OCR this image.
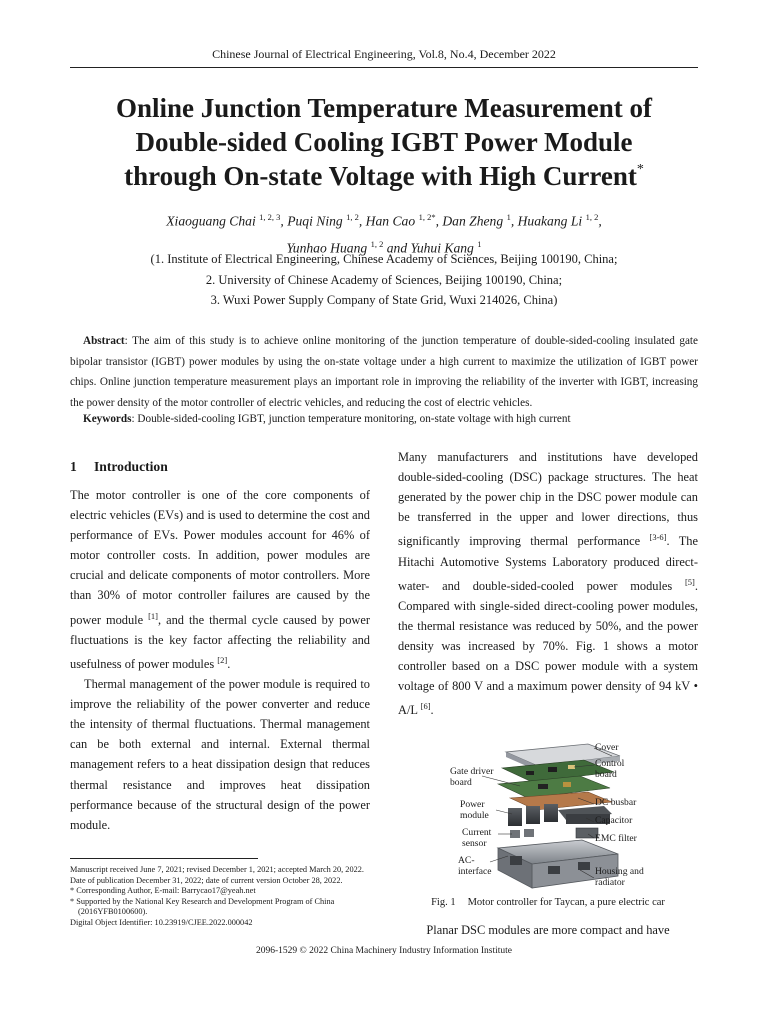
Chinese Journal of Electrical Engineering, Vol.8, No.4, December 2022
Online Junction Temperature Measurement of
Double-sided Cooling IGBT Power Module
through On-state Voltage with High Current*
Xiaoguang Chai $^{1, 2, 3}$, Puqi Ning $^{1, 2}$, Han Cao $^{1, 2*}$, Dan Zheng $^1$, Huakang Li $^{1, 2}$,
Yunhao Huang $^{1, 2}$ and Yuhui Kang $^1$
(1. Institute of Electrical Engineering, Chinese Academy of Sciences, Beijing 100190, China;
2. University of Chinese Academy of Sciences, Beijing 100190, China;
3. Wuxi Power Supply Company of State Grid, Wuxi 214026, China)
Abstract: The aim of this study is to achieve online monitoring of the junction temperature of double-sided-cooling insulated gate bipolar transistor (IGBT) power modules by using the on-state voltage under a high current to maximize the utilization of IGBT power chips. Online junction temperature measurement plays an important role in improving the reliability of the inverter with IGBT, increasing the power density of the motor controller of electric vehicles, and reducing the cost of electric vehicles.
Keywords: Double-sided-cooling IGBT, junction temperature monitoring, on-state voltage with high current
1 Introduction

The motor controller is one of the core components of electric vehicles (EVs) and is used to determine the cost and performance of EVs. Power modules account for 46% of motor controller costs. In addition, power modules are crucial and delicate components of motor controllers. More than 30% of motor controller failures are caused by the power module [1], and the thermal cycle caused by power fluctuations is the key factor affecting the reliability and usefulness of power modules [2].

Thermal management of the power module is required to improve the reliability of the power converter and reduce the intensity of thermal fluctuations. Thermal management can be both external and internal. External thermal management refers to a heat dissipation design that reduces thermal resistance and improves heat dissipation performance because of the structural design of the power module.

Many manufacturers and institutions have developed double-sided-cooling (DSC) package structures. The heat generated by the power chip in the DSC power module can be transferred in the upper and lower directions, thus significantly improving thermal performance [3-6]. The Hitachi Automotive Systems Laboratory produced direct-water- and double-sided-cooled power modules [5]. Compared with single-sided direct-cooling power modules, the thermal resistance was reduced by 50%, and the power density was increased by 70%. Fig. 1 shows a motor controller based on a DSC power module with a system voltage of 800 V and a maximum power density of 94 kV • A/L [6].

Cover
Control board
Gate driver board
DC busbar
Power module	Capacitor
Current sensor	EMC filter
AC-interface	Housing and radiator
Fig. 1 Motor controller for Taycan, a pure electric car
Planar DSC modules are more compact and have
Manuscript received June 7, 2021; revised December 1, 2021; accepted March 20, 2022. Date of publication December 31, 2022; date of current version October 28, 2022.
* Corresponding Author, E-mail: Barrycao17@yeah.net
* Supported by the National Key Research and Development Program of China
(2016YFB0100600).
Digital Object Identifier: 10.23919/CJEE.2022.000042
2096-1529 © 2022 China Machinery Industry Information Institute
